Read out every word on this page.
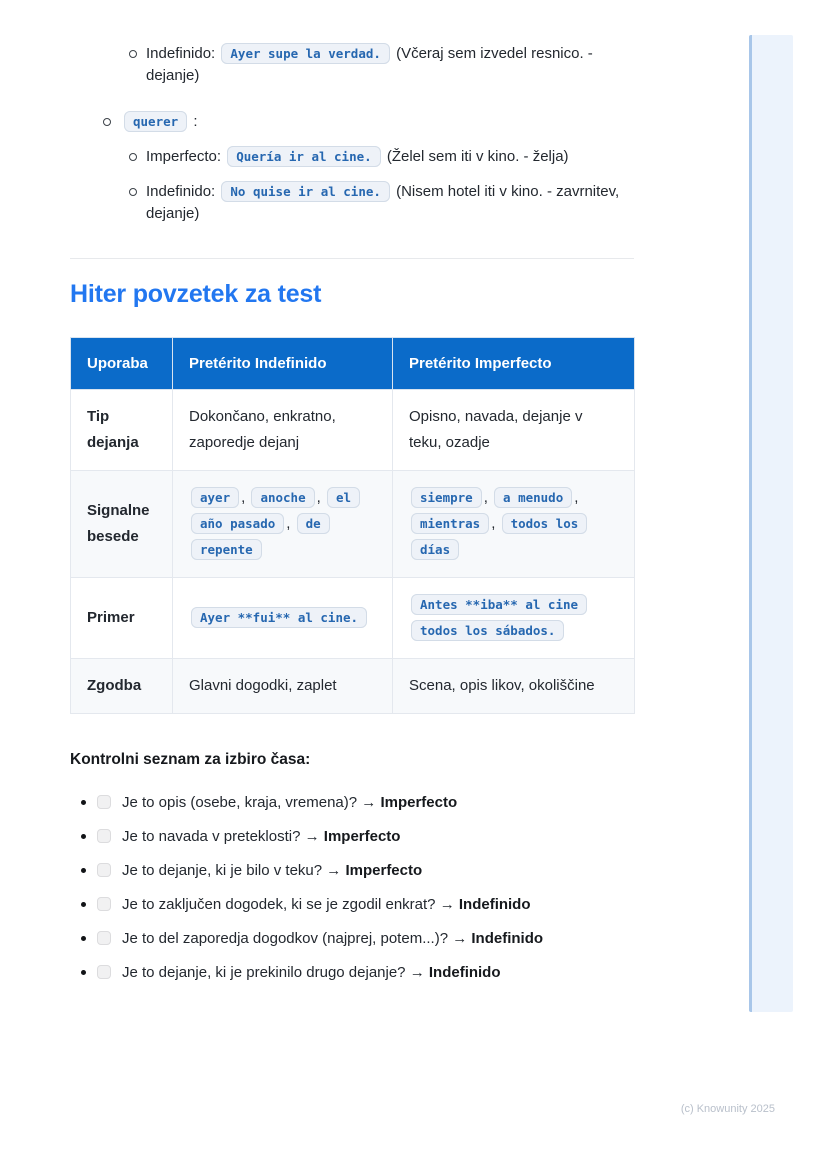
Indefinido: Ayer supe la verdad. (Včeraj sem izvedel resnico. - dejanje)
querer :
Imperfecto: Quería ir al cine. (Želel sem iti v kino. - želja)
Indefinido: No quise ir al cine. (Nisem hotel iti v kino. - zavrnitev, dejanje)
Hiter povzetek za test
Uporaba	Pretérito Indefinido	Pretérito Imperfecto
Tip dejanja	Dokončano, enkratno, zaporedje dejanj	Opisno, navada, dejanje v teku, ozadje
Signalne besede	ayer , anoche , el año pasado , de repente	siempre , a menudo , mientras , todos los días
Primer	Ayer **fui** al cine.	Antes **iba** al cine todos los sábados.
Zgodba	Glavni dogodki, zaplet	Scena, opis likov, okoliščine
Kontrolni seznam za izbiro časa:
Je to opis (osebe, kraja, vremena)? → Imperfecto
Je to navada v preteklosti? → Imperfecto
Je to dejanje, ki je bilo v teku? → Imperfecto
Je to zaključen dogodek, ki se je zgodil enkrat? → Indefinido
Je to del zaporedja dogodkov (najprej, potem...)? → Indefinido
Je to dejanje, ki je prekinilo drugo dejanje? → Indefinido
(c) Knowunity 2025
